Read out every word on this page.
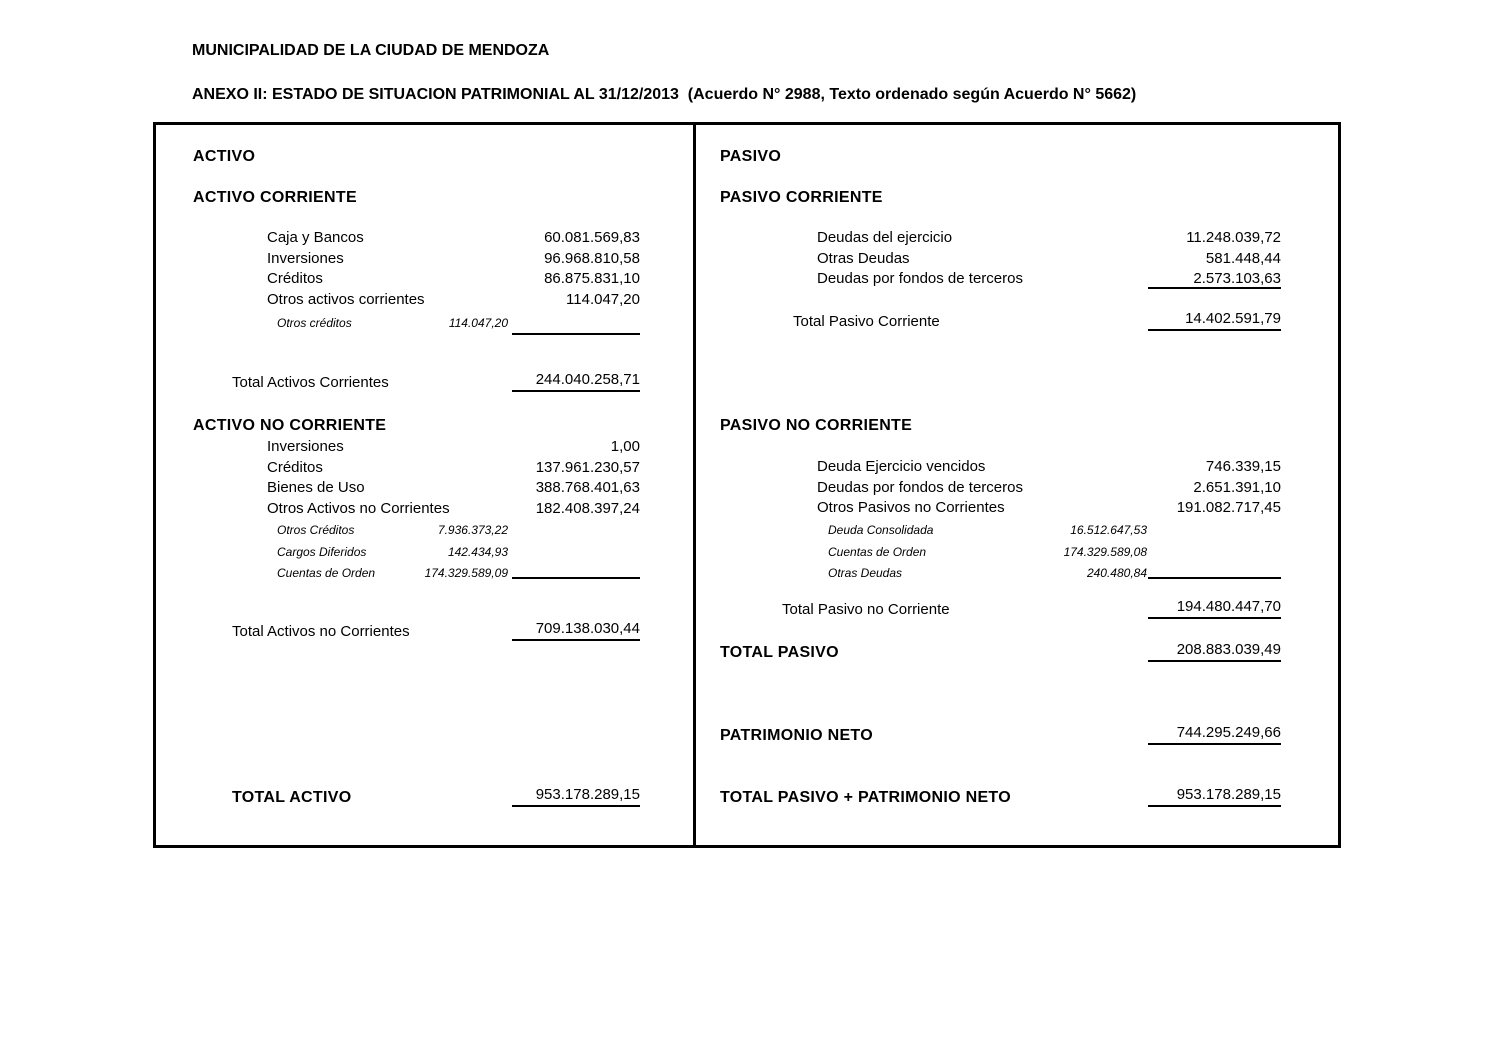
MUNICIPALIDAD DE LA CIUDAD DE MENDOZA
ANEXO II: ESTADO DE SITUACION PATRIMONIAL AL 31/12/2013  (Acuerdo N° 2988, Texto ordenado según Acuerdo N° 5662)
ACTIVO
ACTIVO CORRIENTE
Caja y Bancos	60.081.569,83
Inversiones	96.968.810,58
Créditos	86.875.831,10
Otros activos corrientes	114.047,20
Otros créditos	114.047,20
Total Activos Corrientes	244.040.258,71
ACTIVO NO CORRIENTE
Inversiones	1,00
Créditos	137.961.230,57
Bienes de Uso	388.768.401,63
Otros Activos no Corrientes	182.408.397,24
Otros Créditos	7.936.373,22
Cargos Diferidos	142.434,93
Cuentas de Orden	174.329.589,09
Total Activos no Corrientes	709.138.030,44
TOTAL ACTIVO	953.178.289,15
PASIVO
PASIVO CORRIENTE
Deudas del ejercicio	11.248.039,72
Otras Deudas	581.448,44
Deudas por fondos de terceros	2.573.103,63
Total Pasivo Corriente	14.402.591,79
PASIVO NO CORRIENTE
Deuda Ejercicio vencidos	746.339,15
Deudas por fondos de terceros	2.651.391,10
Otros Pasivos no Corrientes	191.082.717,45
Deuda Consolidada	16.512.647,53
Cuentas de Orden	174.329.589,08
Otras Deudas	240.480,84
Total Pasivo no Corriente	194.480.447,70
TOTAL PASIVO	208.883.039,49
PATRIMONIO NETO	744.295.249,66
TOTAL PASIVO + PATRIMONIO NETO	953.178.289,15
